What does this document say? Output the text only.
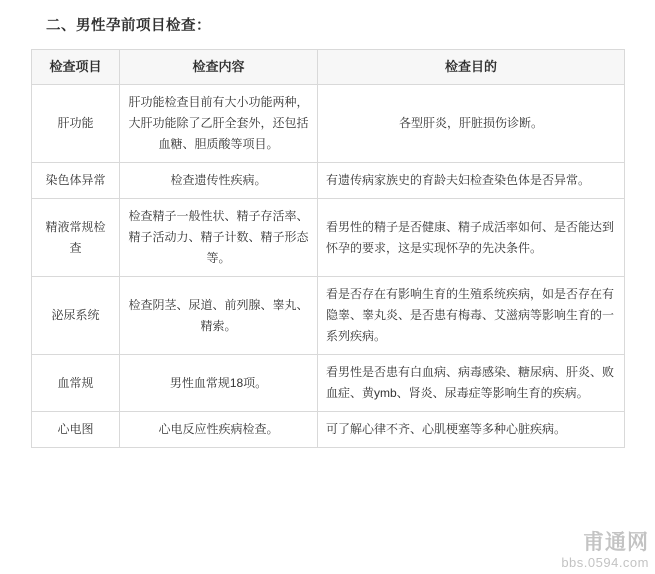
二、男性孕前项目检查：
检查项目	检查内容	检查目的
肝功能	肝功能检查目前有大小功能两种，大肝功能除了乙肝全套外，还包括血糖、胆质酸等项目。	各型肝炎，肝脏损伤诊断。
染色体异常	检查遗传性疾病。	有遗传病家族史的育龄夫妇检查染色体是否异常。
精液常规检查	检查精子一般性状、精子存活率、精子活动力、精子计数、精子形态等。	看男性的精子是否健康、精子成活率如何、是否能达到怀孕的要求，这是实现怀孕的先决条件。
泌尿系统	检查阴茎、尿道、前列腺、睾丸、精索。	看是否存在有影响生育的生殖系统疾病，如是否存在有隐睾、睾丸炎、是否患有梅毒、艾滋病等影响生育的一系列疾病。
血常规	男性血常规18项。	看男性是否患有白血病、病毒感染、糖尿病、肝炎、败血症、黄ymb、肾炎、尿毒症等影响生育的疾病。
心电图	心电反应性疾病检查。	可了解心律不齐、心肌梗塞等多种心脏疾病。
甫通网
bbs.0594.com
